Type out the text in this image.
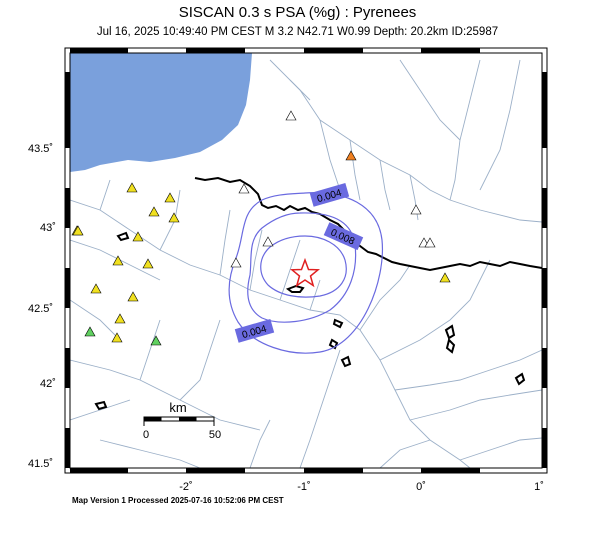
SISCAN 0.3 s PSA (%g) : Pyrenees
Jul 16, 2025 10:49:40 PM CEST M 3.2 N42.71 W0.99 Depth: 20.2km ID:25987
0.004
0.008
0.004
km
0	50
43.5˚
43˚
42.5˚
42˚
41.5˚
-2˚	-1˚	0˚	1˚
Map Version 1 Processed 2025-07-16 10:52:06 PM CEST
